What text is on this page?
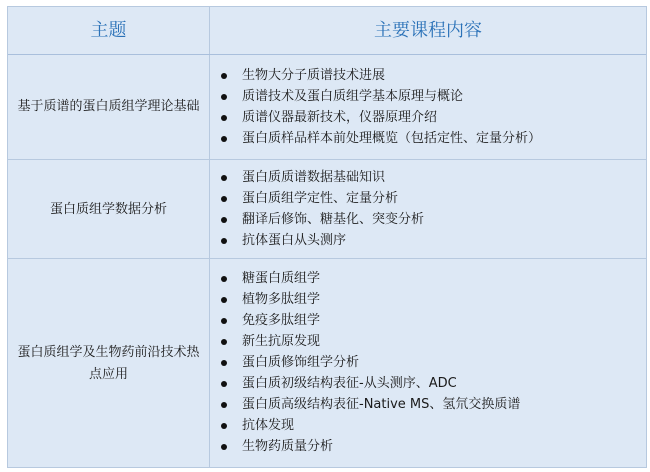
主题	主要课程内容
基于质谱的蛋白质组学理论基础
生物大分子质谱技术进展
质谱技术及蛋白质组学基本原理与概论
质谱仪器最新技术，仪器原理介绍
蛋白质样品样本前处理概览（包括定性、定量分析）
蛋白质组学数据分析
蛋白质质谱数据基础知识
蛋白质组学定性、定量分析
翻译后修饰、糖基化、突变分析
抗体蛋白从头测序
蛋白质组学及生物药前沿技术热点应用
糖蛋白质组学
植物多肽组学
免疫多肽组学
新生抗原发现
蛋白质修饰组学分析
蛋白质初级结构表征-从头测序、ADC
蛋白质高级结构表征-Native MS、氢氘交换质谱
抗体发现
生物药质量分析
